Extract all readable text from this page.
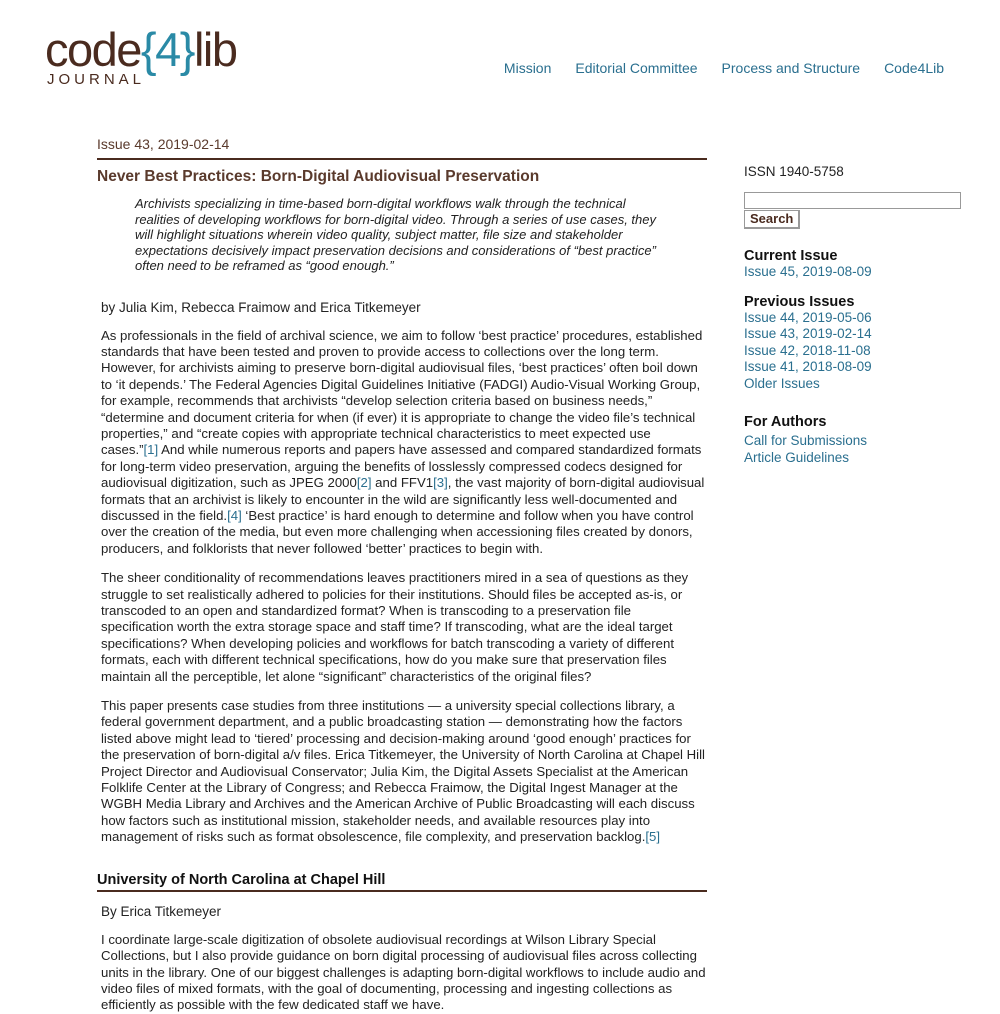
code{4}lib
JOURNAL
Mission Editorial Committee Process and Structure Code4Lib
Issue 43, 2019-02-14
Never Best Practices: Born-Digital Audiovisual Preservation

Archivists specializing in time-based born-digital workflows walk through the technical realities of developing workflows for born-digital video. Through a series of use cases, they will highlight situations wherein video quality, subject matter, file size and stakeholder expectations decisively impact preservation decisions and considerations of “best practice” often need to be reframed as “good enough.”

by Julia Kim, Rebecca Fraimow and Erica Titkemeyer

As professionals in the field of archival science, we aim to follow ‘best practice’ procedures, established standards that have been tested and proven to provide access to collections over the long term. However, for archivists aiming to preserve born-digital audiovisual files, ‘best practices’ often boil down to ‘it depends.’ The Federal Agencies Digital Guidelines Initiative (FADGI) Audio-Visual Working Group, for example, recommends that archivists “develop selection criteria based on business needs,” “determine and document criteria for when (if ever) it is appropriate to change the video file’s technical properties,” and “create copies with appropriate technical characteristics to meet expected use cases.”[1] And while numerous reports and papers have assessed and compared standardized formats for long-term video preservation, arguing the benefits of losslessly compressed codecs designed for audiovisual digitization, such as JPEG 2000[2] and FFV1[3], the vast majority of born-digital audiovisual formats that an archivist is likely to encounter in the wild are significantly less well-documented and discussed in the field.[4] ‘Best practice’ is hard enough to determine and follow when you have control over the creation of the media, but even more challenging when accessioning files created by donors, producers, and folklorists that never followed ‘better’ practices to begin with.

The sheer conditionality of recommendations leaves practitioners mired in a sea of questions as they struggle to set realistically adhered to policies for their institutions. Should files be accepted as-is, or transcoded to an open and standardized format? When is transcoding to a preservation file specification worth the extra storage space and staff time? If transcoding, what are the ideal target specifications? When developing policies and workflows for batch transcoding a variety of different formats, each with different technical specifications, how do you make sure that preservation files maintain all the perceptible, let alone “significant” characteristics of the original files?

This paper presents case studies from three institutions — a university special collections library, a federal government department, and a public broadcasting station — demonstrating how the factors listed above might lead to ‘tiered’ processing and decision-making around ‘good enough’ practices for the preservation of born-digital a/v files. Erica Titkemeyer, the University of North Carolina at Chapel Hill Project Director and Audiovisual Conservator; Julia Kim, the Digital Assets Specialist at the American Folklife Center at the Library of Congress; and Rebecca Fraimow, the Digital Ingest Manager at the WGBH Media Library and Archives and the American Archive of Public Broadcasting will each discuss how factors such as institutional mission, stakeholder needs, and available resources play into management of risks such as format obsolescence, file complexity, and preservation backlog.[5]

University of North Carolina at Chapel Hill

By Erica Titkemeyer

I coordinate large-scale digitization of obsolete audiovisual recordings at Wilson Library Special Collections, but I also provide guidance on born digital processing of audiovisual files across collecting units in the library. One of our biggest challenges is adapting born-digital workflows to include audio and video files of mixed formats, with the goal of documenting, processing and ingesting collections as efficiently as possible with the few dedicated staff we have.

ISSN 1940-5758

Search
Current Issue
Issue 45, 2019-08-09
Previous Issues
Issue 44, 2019-05-06
Issue 43, 2019-02-14
Issue 42, 2018-11-08
Issue 41, 2018-08-09
Older Issues
For Authors
Call for Submissions
Article Guidelines
